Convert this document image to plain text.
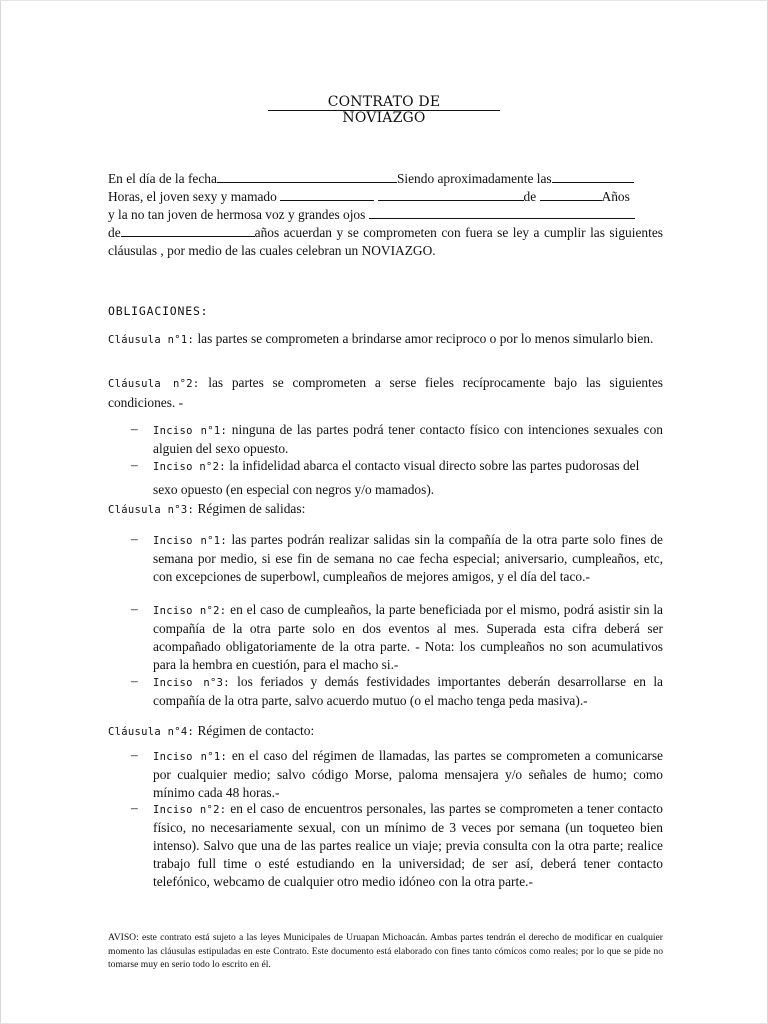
CONTRATO DE
NOVIAZGO
En el día de la fecha	Siendo aproximadamente las
Horas, el joven sexy y mamado	de	Años
y la no tan joven de hermosa voz y grandes ojos
de	años acuerdan y se comprometen con fuera se ley a cumplir las siguientes cláusulas , por medio de las cuales celebran un NOVIAZGO.
OBLIGACIONES:
Cláusula n°1: las partes se comprometen a brindarse amor reciproco o por lo menos simularlo bien.
Cláusula n°2: las partes se comprometen a serse fieles recíprocamente bajo las siguientes condiciones. -
– Inciso n°1: ninguna de las partes podrá tener contacto físico con intenciones sexuales con alguien del sexo opuesto.
– Inciso n°2: la infidelidad abarca el contacto visual directo sobre las partes pudorosas del
sexo opuesto (en especial con negros y/o mamados).
Cláusula n°3: Régimen de salidas:
– Inciso n°1: las partes podrán realizar salidas sin la compañía de la otra parte solo fines de semana por medio, si ese fin de semana no cae fecha especial; aniversario, cumpleaños, etc, con excepciones de superbowl, cumpleaños de mejores amigos, y el día del taco.-
– Inciso n°2: en el caso de cumpleaños, la parte beneficiada por el mismo, podrá asistir sin la compañía de la otra parte solo en dos eventos al mes. Superada esta cifra deberá ser acompañado obligatoriamente de la otra parte. - Nota: los cumpleaños no son acumulativos para la hembra en cuestión, para el macho si.-
– Inciso n°3: los feriados y demás festividades importantes deberán desarrollarse en la compañía de la otra parte, salvo acuerdo mutuo (o el macho tenga peda masiva).-
Cláusula n°4: Régimen de contacto:
– Inciso n°1: en el caso del régimen de llamadas, las partes se comprometen a comunicarse por cualquier medio; salvo código Morse, paloma mensajera y/o señales de humo; como mínimo cada 48 horas.-
– Inciso n°2: en el caso de encuentros personales, las partes se comprometen a tener contacto físico, no necesariamente sexual, con un mínimo de 3 veces por semana (un toqueteo bien intenso). Salvo que una de las partes realice un viaje; previa consulta con la otra parte; realice trabajo full time o esté estudiando en la universidad; de ser así, deberá tener contacto telefónico, webcamo de cualquier otro medio idóneo con la otra parte.-
AVISO: este contrato está sujeto a las leyes Municipales de Uruapan Michoacán. Ambas partes tendrán el derecho de modificar en cualquier momento las cláusulas estipuladas en este Contrato. Este documento está elaborado con fines tanto cómicos como reales; por lo que se pide no tomarse muy en serio todo lo escrito en él.
